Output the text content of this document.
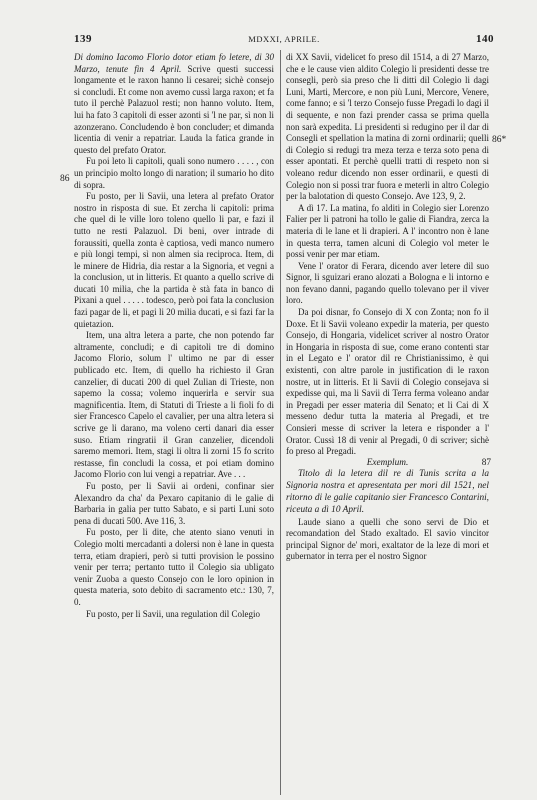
139	MDXXI, APRILE.	140
86
86*

Di domino Iacomo Florio dotor etiam fo letere, di 30 Marzo, tenute fin 4 April. Scrive questi successi longamente et le raxon hanno li cesarei; sichè consejo si concludi. Et come non avemo cussì larga raxon; et fa tuto il perchè Palazuol resti; non hanno voluto. Item, lui ha fato 3 capitoli di esser azonti si 'l ne par, sì non li azonzerano. Concludendo è bon concluder; et dimanda licentia di venir a repatriar. Lauda la fatica grande in questo del prefato Orator.

Fu poi leto li capitoli, quali sono numero . . . . , con un principio molto longo di naration; il sumario ho dito di sopra.

Fu posto, per li Savii, una letera al prefato Orator nostro in risposta di sue. Et zercha li capitoli: prima che quel di le ville loro toleno quello li par, e fazi il tutto ne resti Palazuol. Di beni, over intrade di foraussiti, quella zonta è captiosa, vedi manco numero e più longi tempi, sì non almen sia reciproca. Item, di le minere de Hidria, dia restar a la Signoria, et vegni a la conclusion, ut in litteris. Et quanto a quello scrive di ducati 10 milia, che la partida è stà fata in banco di Pixani a quel . . . . . todesco, però poi fata la conclusion fazi pagar de li, et pagi li 20 milia ducati, e si fazi far la quietazion.

Item, una altra letera a parte, che non potendo far altramente, concludi; e di capitoli tre di domino Jacomo Florio, solum l' ultimo ne par di esser publicado etc. Item, di quello ha richiesto il Gran canzelier, di ducati 200 di quel Zulian di Trieste, non sapemo la cossa; volemo inquerirla e servir sua magnificentia. Item, di Statuti di Trieste a li fioli fo di sier Francesco Capelo el cavalier, per una altra letera si scrive ge li darano, ma voleno certi danari dia esser suso. Etiam ringratii il Gran canzelier, dicendoli saremo memori. Item, stagi li oltra li zorni 15 fo scrito restasse, fin concludi la cossa, et poi etiam domino Jacomo Florio con lui vengi a repatriar. Ave . . .

Fu posto, per li Savii ai ordeni, confinar sier Alexandro da cha' da Pexaro capitanio di le galie di Barbaria in galia per tutto Sabato, e si parti Luni soto pena di ducati 500. Ave 116, 3.

Fu posto, per li dite, che atento siano venuti in Colegio molti mercadanti a dolersi non è lane in questa terra, etiam drapieri, però si tutti provision le possino venir per terra; pertanto tutto il Colegio sia ubligato venir Zuoba a questo Consejo con le loro opinion in questa materia, soto debito di sacramento etc.: 130, 7, 0.

Fu posto, per li Savii, una regulation dil Colegio

di XX Savii, videlicet fo preso dil 1514, a di 27 Marzo, che e le cause vien aldito Colegio li presidenti desse tre consegli, però sia preso che li ditti dil Colegio li dagi Luni, Marti, Mercore, e non più Luni, Mercore, Venere, come fanno; e si 'l terzo Consejo fusse Pregadi lo dagi il di sequente, e non fazi prender cassa se prima quella non sarà expedita. Li presidenti si redugino per il dar di Consegli et spellation la matina di zorni ordinarii; quelli di Colegio si redugi tra meza terza e terza soto pena di esser apontati. Et perchè quelli tratti di respeto non si voleano redur dicendo non esser ordinarii, e questi di Colegio non si possi trar fuora e meterli in altro Colegio per la balotation di questo Consejo. Ave 123, 9, 2.

A dì 17. La matina, fo alditi in Colegio sier Lorenzo Falier per li patroni ha tollo le galie di Fiandra, zerca la materia di le lane et li drapieri. A l' incontro non è lane in questa terra, tamen alcuni di Colegio vol meter le possi venir per mar etiam.

Vene l' orator di Ferara, dicendo aver letere dil suo Signor, li sguizari erano alozati a Bologna e li intorno e non fevano danni, pagando quello tolevano per il viver loro.

Da poi disnar, fo Consejo di X con Zonta; non fo il Doxe. Et li Savii voleano expedir la materia, per questo Consejo, di Hongaria, videlicet scriver al nostro Orator in Hongaria in risposta di sue, come erano contenti star in el Legato e l' orator dil re Christianissimo, è qui existenti, con altre parole in justification di le raxon nostre, ut in litteris. Et li Savii di Colegio consejava si expedisse qui, ma li Savii di Terra ferma voleano andar in Pregadi per esser materia dil Senato; et li Cai di X messeno dedur tutta la materia al Pregadi, et tre Consieri messe di scriver la letera e risponder a l' Orator. Cussì 18 di venir al Pregadi, 0 di scriver; sichè fo preso al Pregadi.

Exemplum.	87

Titolo di la letera dil re di Tunis scrita a la Signoria nostra et apresentata per mori dil 1521, nel ritorno di le galie capitanio sier Francesco Contarini, riceuta a dì 10 April.

Laude siano a quelli che sono servi de Dio et recomandation del Stado exaltado. El savio vincitor principal Signor de' mori, exaltator de la leze di mori et gubernator in terra per el nostro Signor
